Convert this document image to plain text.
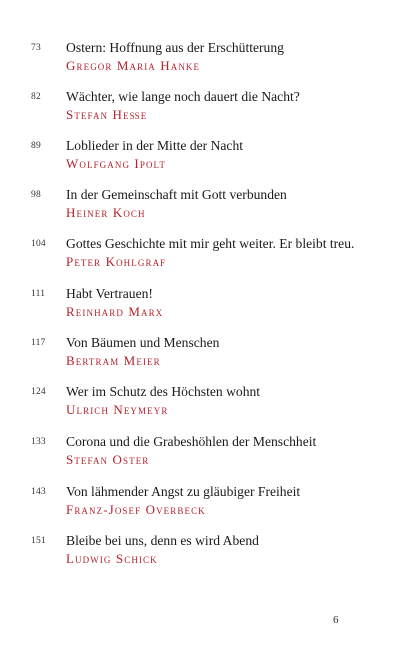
73	Ostern: Hoffnung aus der Erschütterung
Gregor Maria Hanke
82	Wächter, wie lange noch dauert die Nacht?
Stefan Heße
89	Loblieder in der Mitte der Nacht
Wolfgang Ipolt
98	In der Gemeinschaft mit Gott verbunden
Heiner Koch
104	Gottes Geschichte mit mir geht weiter. Er bleibt treu.
Peter Kohlgraf
111	Habt Vertrauen!
Reinhard Marx
117	Von Bäumen und Menschen
Bertram Meier
124	Wer im Schutz des Höchsten wohnt
Ulrich Neymeyr
133	Corona und die Grabeshöhlen der Menschheit
Stefan Oster
143	Von lähmender Angst zu gläubiger Freiheit
Franz-Josef Overbeck
151	Bleibe bei uns, denn es wird Abend
Ludwig Schick
6
